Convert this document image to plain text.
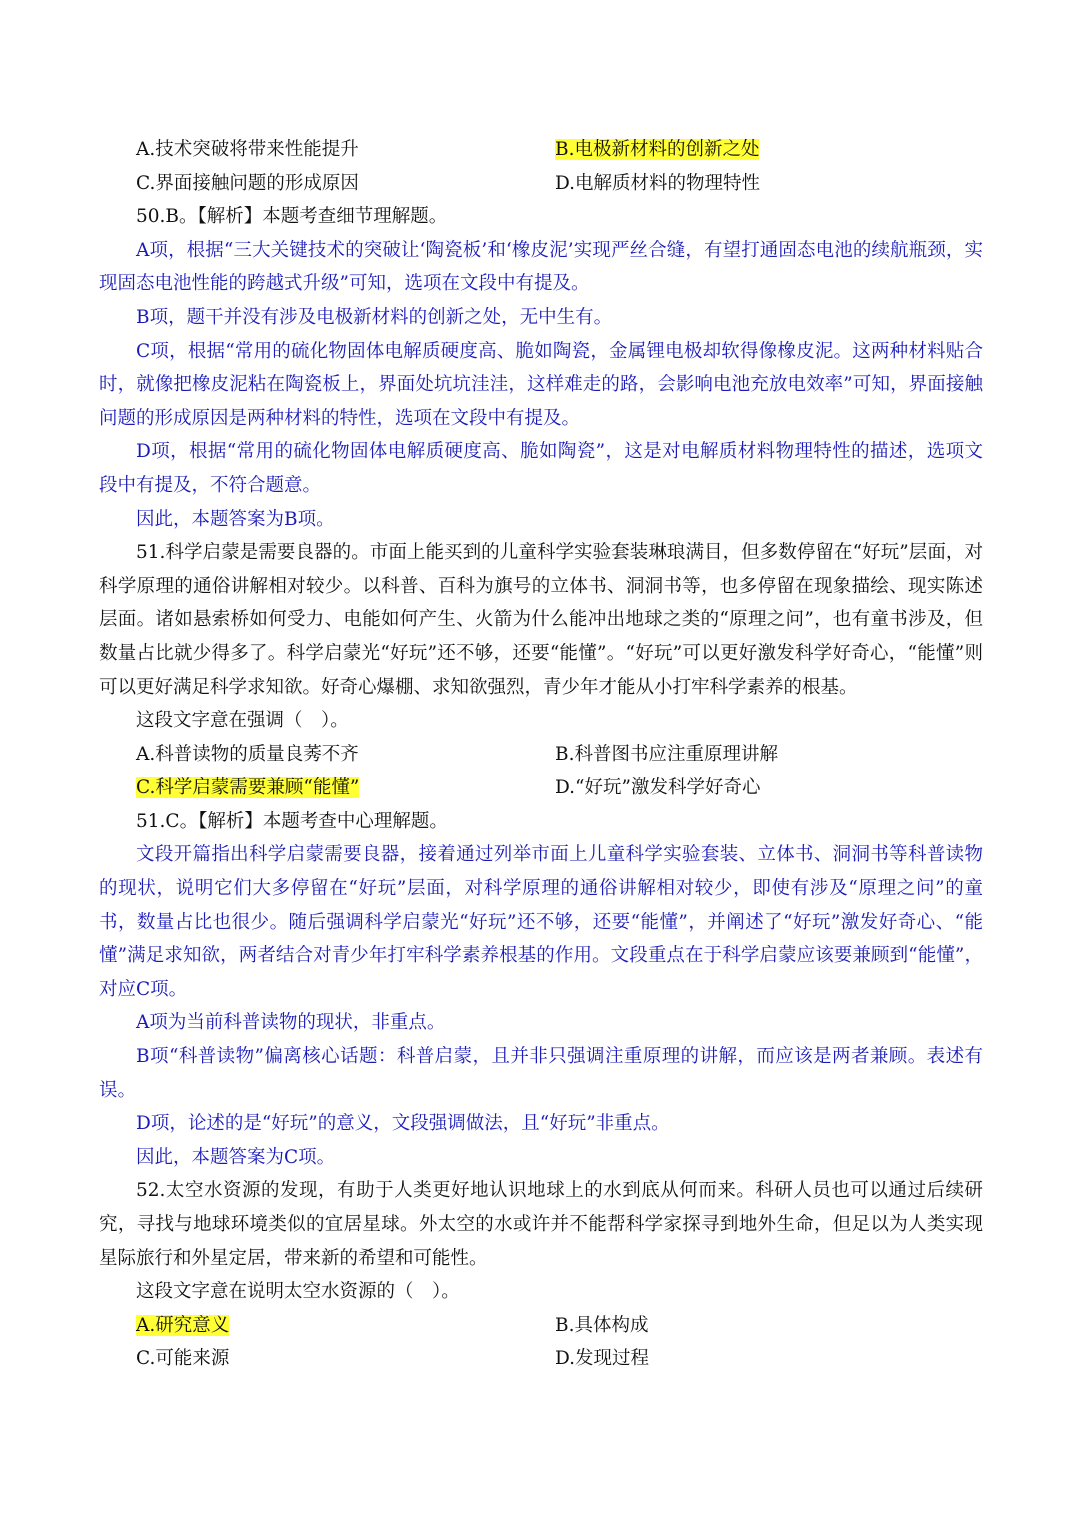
A.技术突破将带来性能提升	B.电极新材料的创新之处
C.界面接触问题的形成原因	D.电解质材料的物理特性

50.B。【解析】本题考查细节理解题。

A项，根据“三大关键技术的突破让‘陶瓷板’和‘橡皮泥’实现严丝合缝，有望打通固态电池的续航瓶颈，实现固态电池性能的跨越式升级”可知，选项在文段中有提及。

B项，题干并没有涉及电极新材料的创新之处，无中生有。

C项，根据“常用的硫化物固体电解质硬度高、脆如陶瓷，金属锂电极却软得像橡皮泥。这两种材料贴合时，就像把橡皮泥粘在陶瓷板上，界面处坑坑洼洼，这样难走的路，会影响电池充放电效率”可知，界面接触问题的形成原因是两种材料的特性，选项在文段中有提及。

D项，根据“常用的硫化物固体电解质硬度高、脆如陶瓷”，这是对电解质材料物理特性的描述，选项文段中有提及，不符合题意。

因此，本题答案为B项。

51.科学启蒙是需要良器的。市面上能买到的儿童科学实验套装琳琅满目，但多数停留在“好玩”层面，对科学原理的通俗讲解相对较少。以科普、百科为旗号的立体书、洞洞书等，也多停留在现象描绘、现实陈述层面。诸如悬索桥如何受力、电能如何产生、火箭为什么能冲出地球之类的“原理之问”，也有童书涉及，但数量占比就少得多了。科学启蒙光“好玩”还不够，还要“能懂”。“好玩”可以更好激发科学好奇心，“能懂”则可以更好满足科学求知欲。好奇心爆棚、求知欲强烈，青少年才能从小打牢科学素养的根基。

这段文字意在强调（　）。

A.科普读物的质量良莠不齐	B.科普图书应注重原理讲解
C.科学启蒙需要兼顾“能懂”	D.“好玩”激发科学好奇心

51.C。【解析】本题考查中心理解题。

文段开篇指出科学启蒙需要良器，接着通过列举市面上儿童科学实验套装、立体书、洞洞书等科普读物的现状，说明它们大多停留在“好玩”层面，对科学原理的通俗讲解相对较少，即使有涉及“原理之问”的童书，数量占比也很少。随后强调科学启蒙光“好玩”还不够，还要“能懂”，并阐述了“好玩”激发好奇心、“能懂”满足求知欲，两者结合对青少年打牢科学素养根基的作用。文段重点在于科学启蒙应该要兼顾到“能懂”，对应C项。

A项为当前科普读物的现状，非重点。

B项“科普读物”偏离核心话题：科普启蒙，且并非只强调注重原理的讲解，而应该是两者兼顾。表述有误。

D项，论述的是“好玩”的意义，文段强调做法，且“好玩”非重点。

因此，本题答案为C项。

52.太空水资源的发现，有助于人类更好地认识地球上的水到底从何而来。科研人员也可以通过后续研究，寻找与地球环境类似的宜居星球。外太空的水或许并不能帮科学家探寻到地外生命，但足以为人类实现星际旅行和外星定居，带来新的希望和可能性。

这段文字意在说明太空水资源的（　）。

A.研究意义	B.具体构成
C.可能来源	D.发现过程
